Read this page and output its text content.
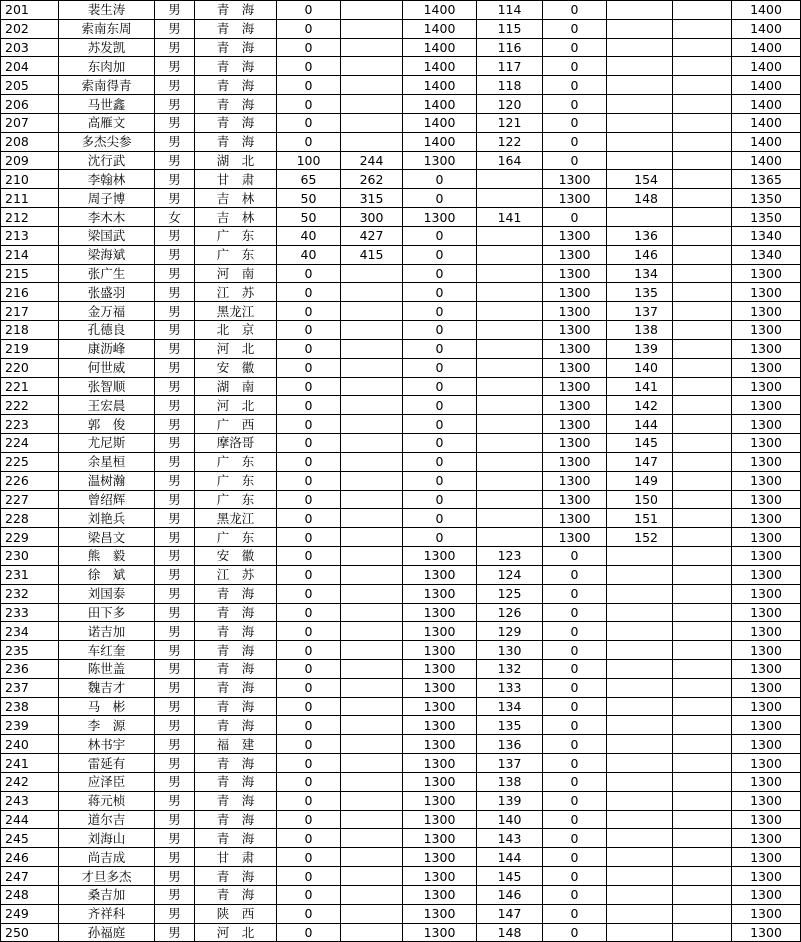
201	裴生涛	男	青　海	0		1400	114	0			1400
202	索南东周	男	青　海	0		1400	115	0			1400
203	苏发凯	男	青　海	0		1400	116	0			1400
204	东肉加	男	青　海	0		1400	117	0			1400
205	索南得青	男	青　海	0		1400	118	0			1400
206	马世鑫	男	青　海	0		1400	120	0			1400
207	高雁文	男	青　海	0		1400	121	0			1400
208	多杰尖参	男	青　海	0		1400	122	0			1400
209	沈行武	男	湖　北	100	244	1300	164	0			1400
210	李翰林	男	甘　肃	65	262	0		1300	154		1365
211	周子博	男	吉　林	50	315	0		1300	148		1350
212	李木木	女	吉　林	50	300	1300	141	0			1350
213	梁国武	男	广　东	40	427	0		1300	136		1340
214	梁海斌	男	广　东	40	415	0		1300	146		1340
215	张广生	男	河　南	0		0		1300	134		1300
216	张盛羽	男	江　苏	0		0		1300	135		1300
217	金万福	男	黑龙江	0		0		1300	137		1300
218	孔德良	男	北　京	0		0		1300	138		1300
219	康沥峰	男	河　北	0		0		1300	139		1300
220	何世威	男	安　徽	0		0		1300	140		1300
221	张智顺	男	湖　南	0		0		1300	141		1300
222	王宏晨	男	河　北	0		0		1300	142		1300
223	郭　俊	男	广　西	0		0		1300	144		1300
224	尤尼斯	男	摩洛哥	0		0		1300	145		1300
225	余星桓	男	广　东	0		0		1300	147		1300
226	温树瀚	男	广　东	0		0		1300	149		1300
227	曾绍辉	男	广　东	0		0		1300	150		1300
228	刘艳兵	男	黑龙江	0		0		1300	151		1300
229	梁昌文	男	广　东	0		0		1300	152		1300
230	熊　毅	男	安　徽	0		1300	123	0			1300
231	徐　斌	男	江　苏	0		1300	124	0			1300
232	刘国泰	男	青　海	0		1300	125	0			1300
233	田下多	男	青　海	0		1300	126	0			1300
234	诺吉加	男	青　海	0		1300	129	0			1300
235	车红奎	男	青　海	0		1300	130	0			1300
236	陈世盖	男	青　海	0		1300	132	0			1300
237	魏吉才	男	青　海	0		1300	133	0			1300
238	马　彬	男	青　海	0		1300	134	0			1300
239	李　源	男	青　海	0		1300	135	0			1300
240	林书宇	男	福　建	0		1300	136	0			1300
241	雷延有	男	青　海	0		1300	137	0			1300
242	应泽臣	男	青　海	0		1300	138	0			1300
243	蒋元桢	男	青　海	0		1300	139	0			1300
244	道尔吉	男	青　海	0		1300	140	0			1300
245	刘海山	男	青　海	0		1300	143	0			1300
246	尚吉成	男	甘　肃	0		1300	144	0			1300
247	才旦多杰	男	青　海	0		1300	145	0			1300
248	桑吉加	男	青　海	0		1300	146	0			1300
249	齐祥科	男	陕　西	0		1300	147	0			1300
250	孙福庭	男	河　北	0		1300	148	0			1300
